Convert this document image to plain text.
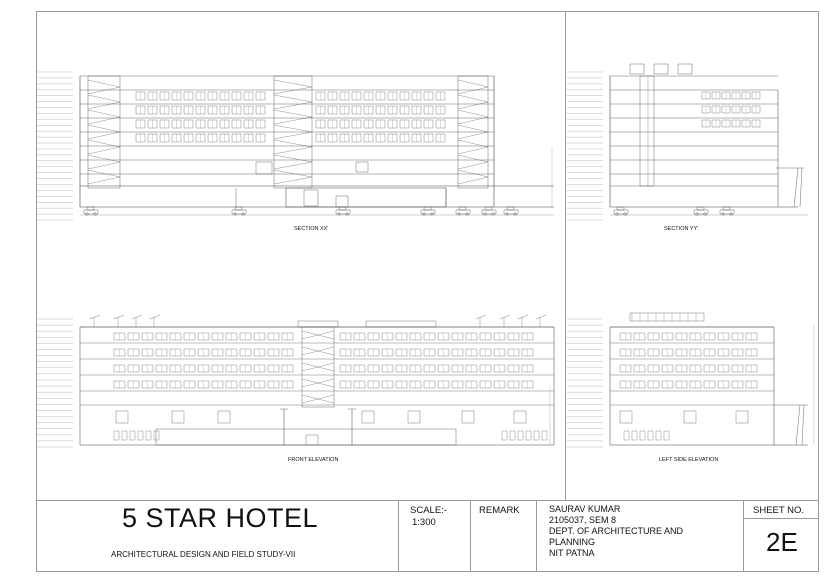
SECTION XX'	SECTION YY'
FRONT ELEVATION	LEFT SIDE ELEVATION
5 STAR HOTEL
ARCHITECTURAL DESIGN AND FIELD STUDY-VII
SCALE:-
1:300
REMARK	SAURAV KUMAR
2105037, SEM 8
DEPT. OF ARCHITECTURE AND
PLANNING
NIT PATNA
SHEET NO.
2E
